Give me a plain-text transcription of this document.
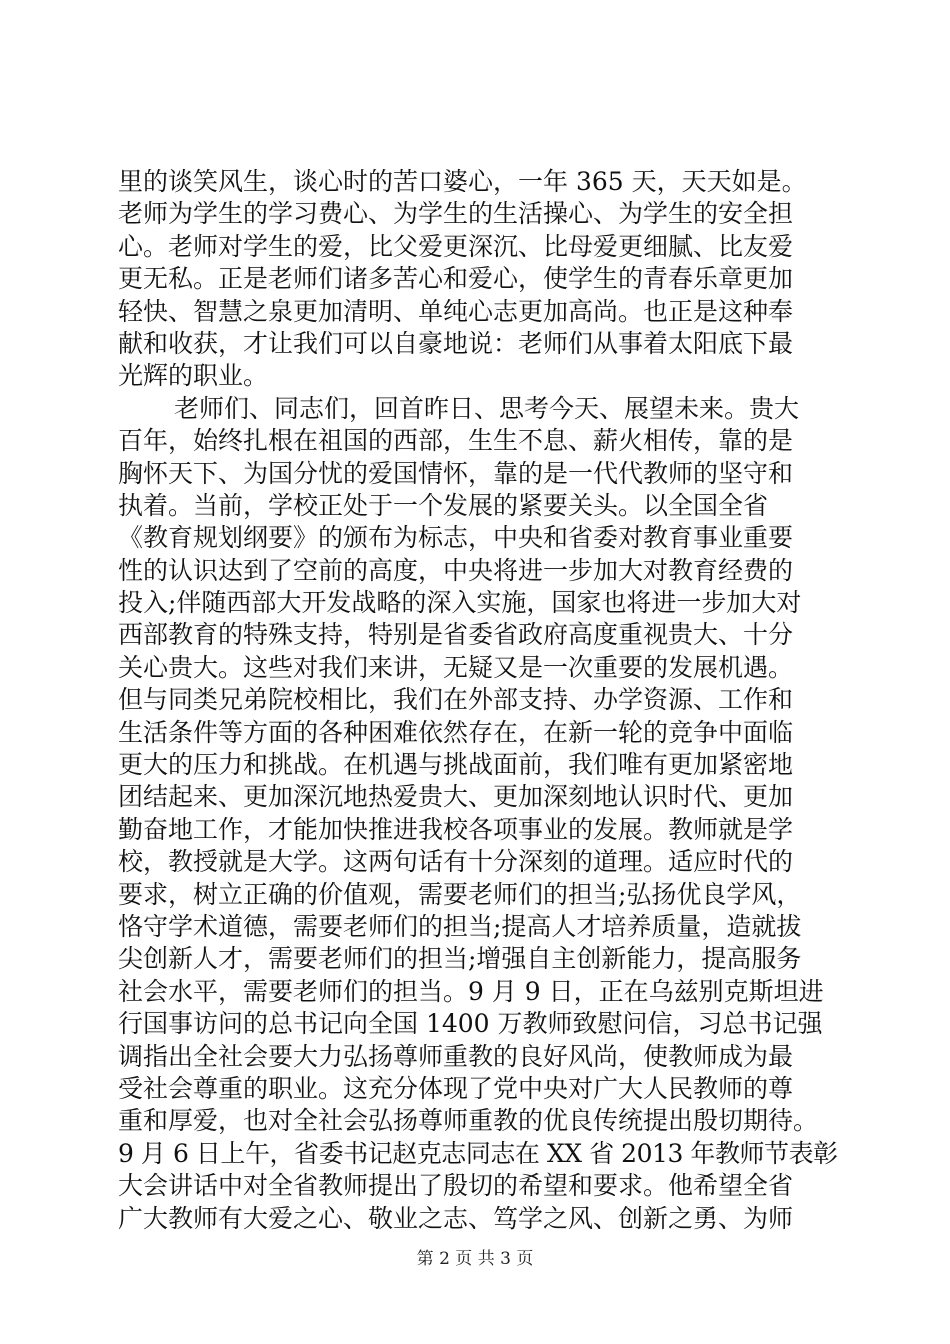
里的谈笑风生，谈心时的苦口婆心，一年 365 天，天天如是。
老师为学生的学习费心、为学生的生活操心、为学生的安全担
心。老师对学生的爱，比父爱更深沉、比母爱更细腻、比友爱
更无私。正是老师们诸多苦心和爱心，使学生的青春乐章更加
轻快、智慧之泉更加清明、单纯心志更加高尚。也正是这种奉
献和收获，才让我们可以自豪地说：老师们从事着太阳底下最
光辉的职业。
老师们、同志们，回首昨日、思考今天、展望未来。贵大
百年，始终扎根在祖国的西部，生生不息、薪火相传，靠的是
胸怀天下、为国分忧的爱国情怀，靠的是一代代教师的坚守和
执着。当前，学校正处于一个发展的紧要关头。以全国全省
《教育规划纲要》的颁布为标志，中央和省委对教育事业重要
性的认识达到了空前的高度，中央将进一步加大对教育经费的
投入;伴随西部大开发战略的深入实施，国家也将进一步加大对
西部教育的特殊支持，特别是省委省政府高度重视贵大、十分
关心贵大。这些对我们来讲，无疑又是一次重要的发展机遇。
但与同类兄弟院校相比，我们在外部支持、办学资源、工作和
生活条件等方面的各种困难依然存在，在新一轮的竞争中面临
更大的压力和挑战。在机遇与挑战面前，我们唯有更加紧密地
团结起来、更加深沉地热爱贵大、更加深刻地认识时代、更加
勤奋地工作，才能加快推进我校各项事业的发展。教师就是学
校，教授就是大学。这两句话有十分深刻的道理。适应时代的
要求，树立正确的价值观，需要老师们的担当;弘扬优良学风，
恪守学术道德，需要老师们的担当;提高人才培养质量，造就拔
尖创新人才，需要老师们的担当;增强自主创新能力，提高服务
社会水平，需要老师们的担当。9 月 9 日，正在乌兹别克斯坦进
行国事访问的总书记向全国 1400 万教师致慰问信，习总书记强
调指出全社会要大力弘扬尊师重教的良好风尚，使教师成为最
受社会尊重的职业。这充分体现了党中央对广大人民教师的尊
重和厚爱，也对全社会弘扬尊师重教的优良传统提出殷切期待。
9 月 6 日上午，省委书记赵克志同志在 XX 省 2013 年教师节表彰
大会讲话中对全省教师提出了殷切的希望和要求。他希望全省
广大教师有大爱之心、敬业之志、笃学之风、创新之勇、为师
第 2 页 共 3 页
